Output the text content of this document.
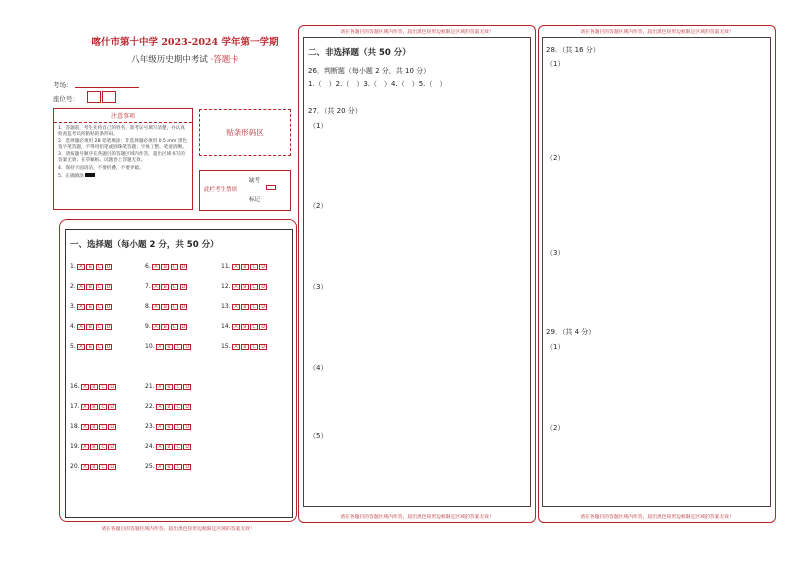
喀什市第十中学 2023-2024 学年第一学期
八年级历史期中考试 ·答题卡
考场：
座位号：
注意事项
1．答题前，考生先将自己的姓名、准考证号填写清楚，并认真检查监考员所粘贴的条形码。
2．选择题必须用 2B 铅笔填涂；非选择题必须用 0.5 mm 黑色签字笔答题，不得用铅笔或圆珠笔答题；字体工整、笔迹清晰。
3．请按题号顺序在各题目的答题区域内作答，超出区域书写的答案无效；在草稿纸、试题卷上答题无效。
4．保持卡面清洁，不要折叠、不要弄破。
5．正确填涂
贴条形码区
此栏考生禁填
缺考
标记
一、选择题（每小题 2 分，共 50 分）
1. A	B	C	D
2. A	B	C	D
3. A	B	C	D
4. A	B	C	D
5. A	B	C	D
6. A	B	C	D
7. A	B	C	D
8. A	B	C	D
9. A	B	C	D
10. A	B	C	D
11. A	B	C	D
12. A	B	C	D
13. A	B	C	D
14. A	B	C	D
15. A	B	C	D
16. A	B	C	D
17. A	B	C	D
18. A	B	C	D
19. A	B	C	D
20. A	B	C	D
21. A	B	C	D
22. A	B	C	D
23. A	B	C	D
24. A	B	C	D
25. A	B	C	D
请在各题目的答题区域内作答，超出黑色矩形边框限定区域的答案无效！
请在各题目的答题区域内作答，超出黑色矩形边框限定区域的答案无效！
二、非选择题（共 50 分）
26．判断题（每小题 2 分，共 10 分）
1.（　）2.（　）3.（　）4.（　）5.（　）
27．（共 20 分）
（1）
（2）
（3）
（4）
（5）
请在各题目的答题区域内作答，超出黑色矩形边框限定区域的答案无效！
请在各题目的答题区域内作答，超出黑色矩形边框限定区域的答案无效！
28．（共 16 分）
（1）
（2）
（3）
29．（共 4 分）
（1）
（2）
请在各题目的答题区域内作答，超出黑色矩形边框限定区域的答案无效！
